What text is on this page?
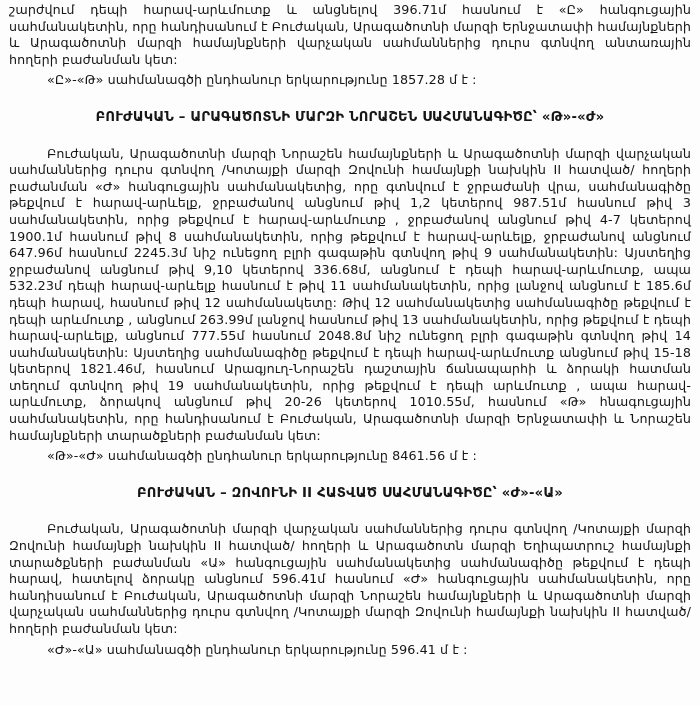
շարժվում դեպի հարավ-արևմուտք և անցնելով 396.71մ հասնում է «Ը» հանգուցային սահմանակետին, որը հանդիսանում է Բուժական, Արագածոտնի մարզի Երնջատափի համայնքների և Արագածոտնի մարզի համայնքների վարչական սահմաններից դուրս գտնվող անտառային հողերի բաժանման կետ:

«Ը»-«Թ» սահմանագծի ընդհանուր երկարությունը 1857.28 մ է :

ԲՈՒԺԱԿԱՆ – ԱՐԱԳԱԾՈՏՆԻ ՄԱՐԶԻ ՆՈՐԱՇԵՆ ՍԱՀՄԱՆԱԳԻԾԸ՝ «Թ»-«Ժ»

Բուժական, Արագածոտնի մարզի Նորաշեն համայնքների և Արագածոտնի մարզի վարչական սահմաններից դուրս գտնվող /Կոտայքի մարզի Զովունի համայնքի նախկին II հատված/ հողերի բաժանման «Ժ» հանգուցային սահմանակետից, որը գտնվում է ջրբաժանի վրա, սահմանագիծը թեքվում է հարավ-արևելք, ջրբաժանով անցնում թիվ 1,2 կետերով 987.51մ հասնում թիվ 3 սահմանակետին, որից թեքվում է հարավ-արևմուտք , ջրբաժանով անցնում թիվ 4-7 կետերով 1900.1մ հասնում թիվ 8 սահմանակետին, որից թեքվում է հարավ-արևելք, ջրբաժանով անցնում 647.96մ հասնում 2245.3մ նիշ ունեցող բլրի գագաթին գտնվող թիվ 9 սահմանակետին: Այստեղից ջրբաժանով անցնում թիվ 9,10 կետերով 336.68մ, անցնում է դեպի հարավ-արևմուտք, ապա 532.23մ դեպի հարավ-արևելք հասնում է թիվ 11 սահմանակետին, որից լանջով անցնում է 185.6մ դեպի հարավ, հասնում թիվ 12 սահմանակետը: Թիվ 12 սահմանակետից սահմանագիծը թեքվում է դեպի արևմուտք , անցնում 263.99մ լանջով հասնում թիվ 13 սահմանակետին, որից թեքվում է դեպի հարավ-արևելք, անցնում 777.55մ հասնում 2048.8մ նիշ ունեցող բլրի գագաթին գտնվող թիվ 14 սահմանակետին: Այստեղից սահմանագիծը թեքվում է դեպի հարավ-արևմուտք անցնում թիվ 15-18 կետերով 1821.46մ, հասնում Արագյուղ-Նորաշեն դաշտային ճանապարհի և ձորակի հատման տեղում գտնվող թիվ 19 սահմանակետին, որից թեքվում է դեպի արևմուտք , ապա հարավ-արևմուտք, ձորակով անցնում թիվ 20-26 կետերով 1010.55մ, հասնում «Թ» հնագուցային սահմանակետին, որը հանդիսանում է Բուժական, Արագածոտնի մարզի Երնջատափի և Նորաշեն համայնքների տարածքների բաժանման կետ:

«Թ»-«Ժ» սահմանագծի ընդհանուր երկարությունը 8461.56 մ է :

ԲՈՒԺԱԿԱՆ – ԶՈՎՈՒՆԻ II ՀԱՏՎԱԾ ՍԱՀՄԱՆԱԳԻԾԸ՝ «Ժ»-«Ա»

Բուժական, Արագածոտնի մարզի վարչական սահմաններից դուրս գտնվող /Կոտայքի մարզի Զովունի համայնքի նախկին II հատված/ հողերի և Արագածոտն մարզի Եղիպատրուշ համայնքի տարածքների բաժանման «Ա» հանգուցային սահմանակետից սահմանագիծը թեքվում է դեպի հարավ, հատելով ձորակը անցնում 596.41մ հասնում «Ժ» հանգուցային սահմանակետին, որը հանդիսանում է Բուժական, Արագածոտնի մարզի Նորաշեն համայնքների և Արագածոտնի մարզի վարչական սահմաններից դուրս գտնվող /Կոտայքի մարզի Զովունի համայնքի նախկին II հատված/ հողերի բաժանման կետ:

«Ժ»-«Ա» սահմանագծի ընդհանուր երկարությունը 596.41 մ է :
